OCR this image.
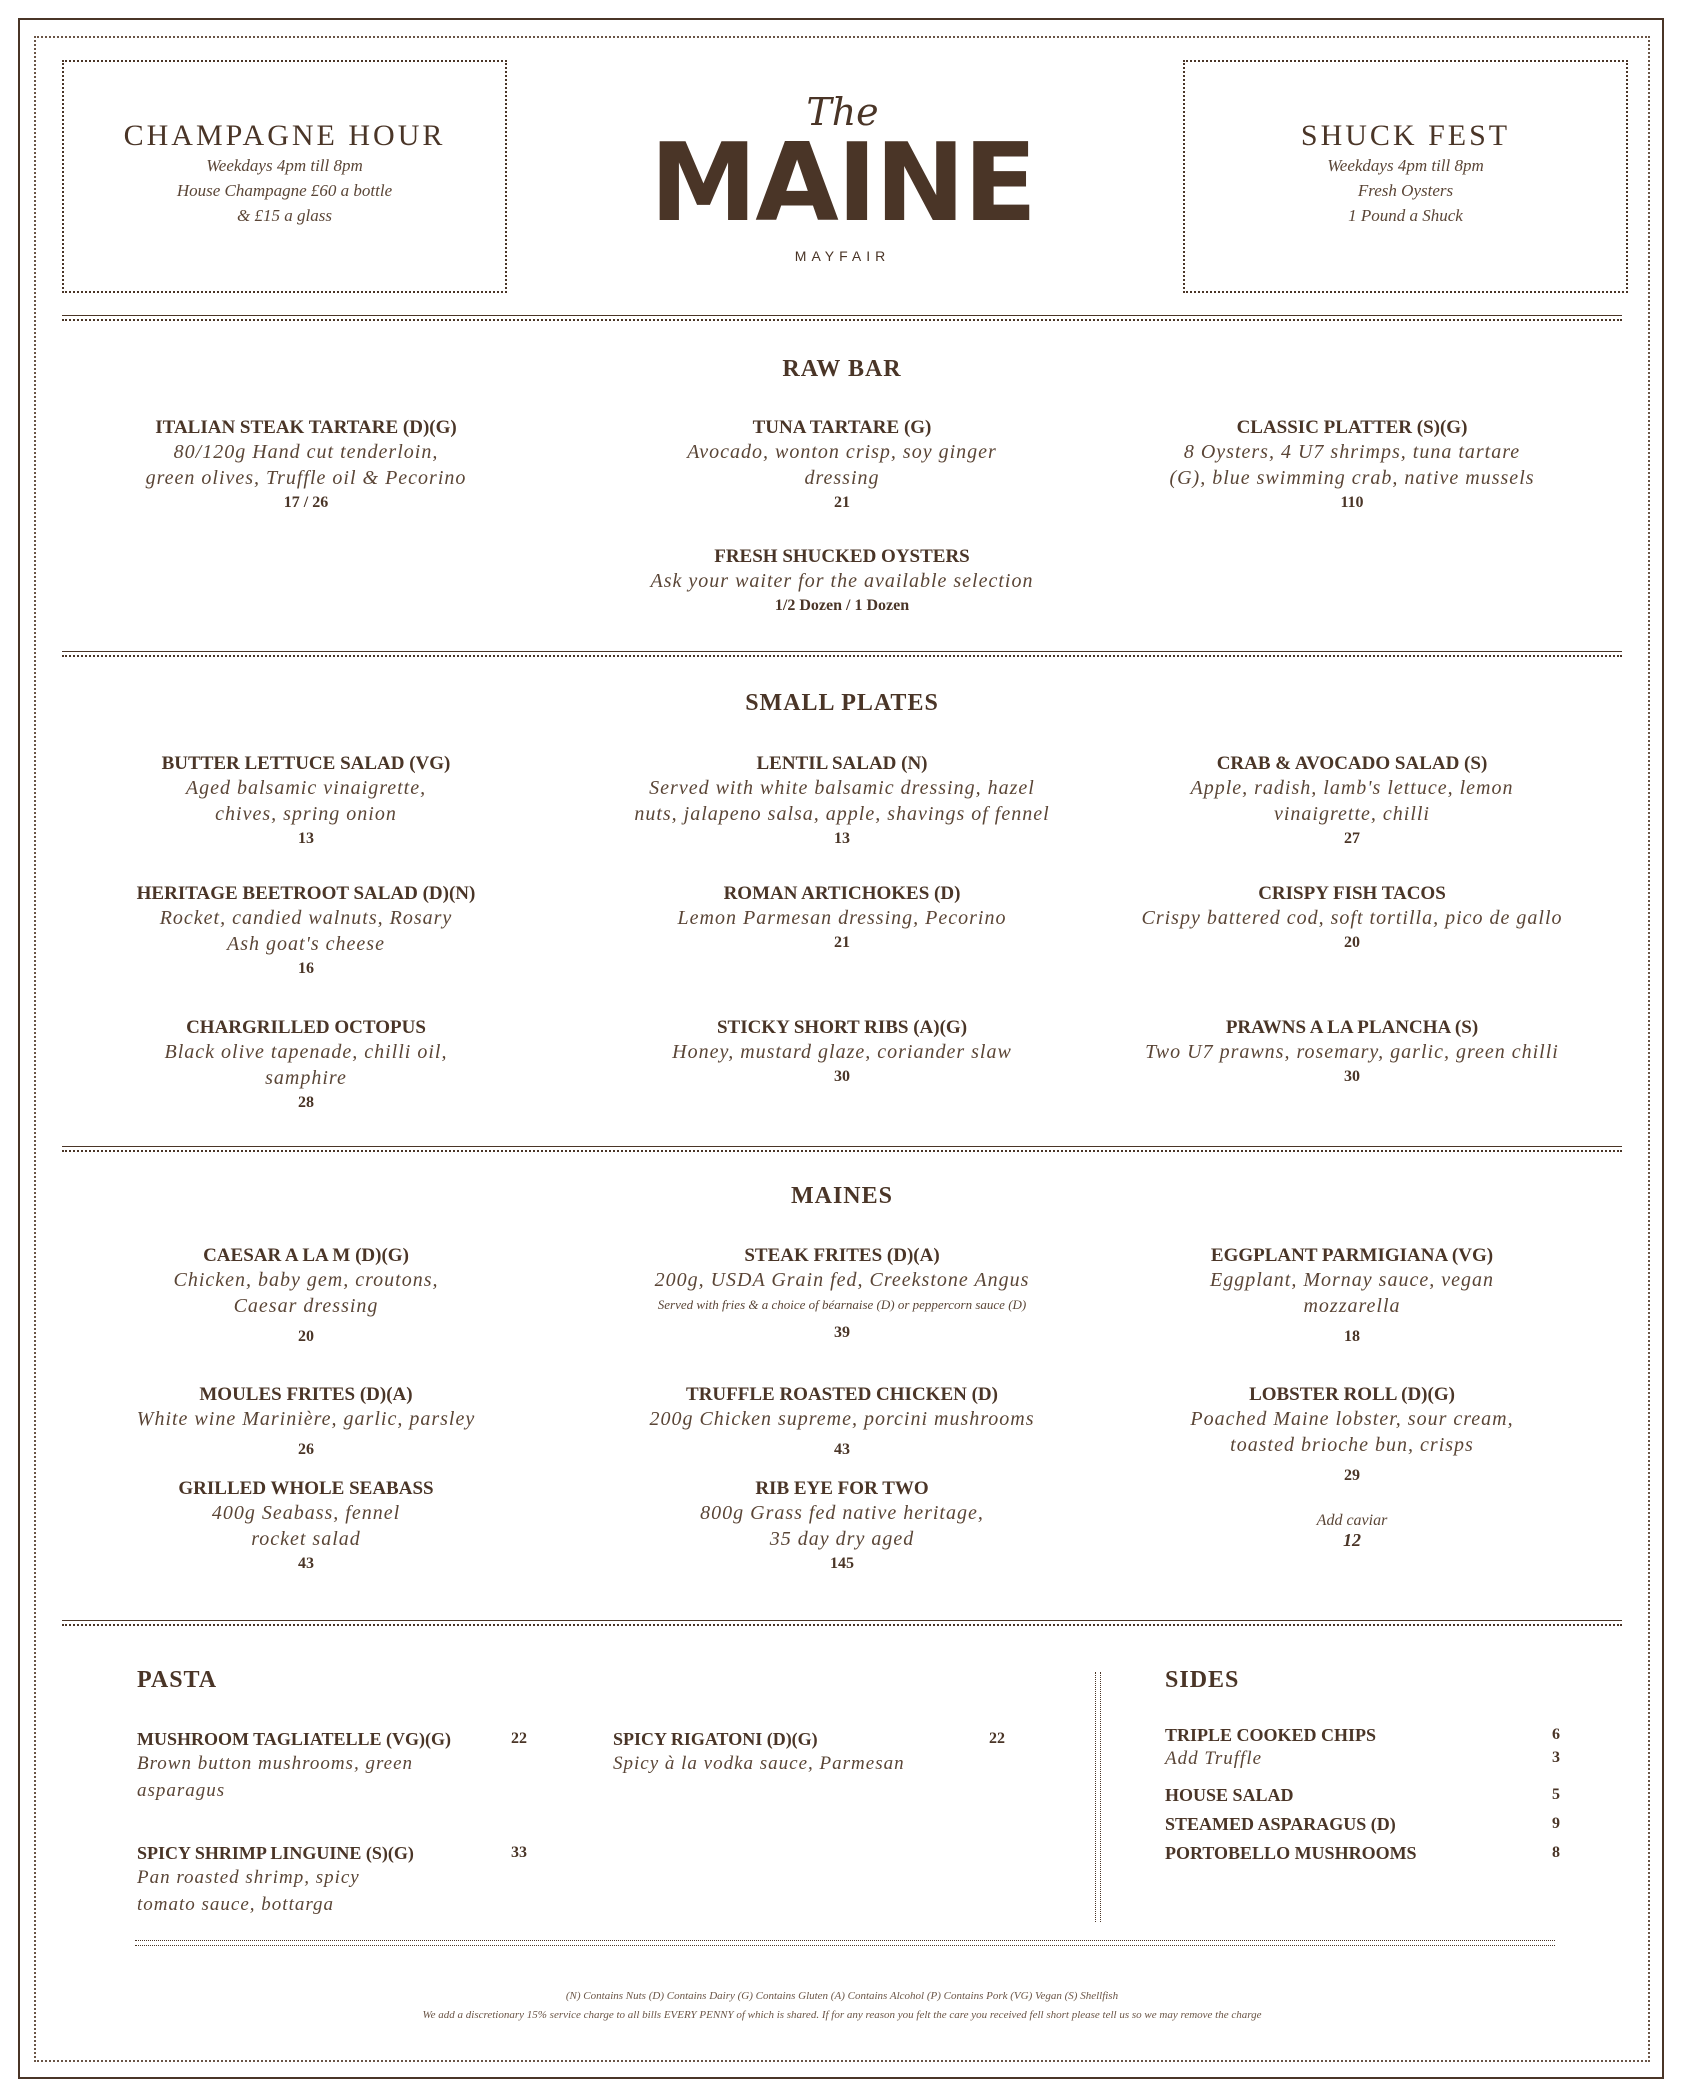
CHAMPAGNE HOUR
Weekdays 4pm till 8pm
House Champagne £60 a bottle
& £15 a glass
SHUCK FEST
Weekdays 4pm till 8pm
Fresh Oysters
1 Pound a Shuck
The
MAINE
MAYFAIR
RAW BAR
ITALIAN STEAK TARTARE (D)(G)
80/120g Hand cut tenderloin,
green olives, Truffle oil & Pecorino
17 / 26
TUNA TARTARE (G)
Avocado, wonton crisp, soy ginger
dressing
21
CLASSIC PLATTER (S)(G)
8 Oysters, 4 U7 shrimps, tuna tartare
(G), blue swimming crab, native mussels
110
FRESH SHUCKED OYSTERS
Ask your waiter for the available selection
1/2 Dozen / 1 Dozen
SMALL PLATES
BUTTER LETTUCE SALAD (VG)
Aged balsamic vinaigrette,
chives, spring onion
13
LENTIL SALAD (N)
Served with white balsamic dressing, hazel
nuts, jalapeno salsa, apple, shavings of fennel
13
CRAB & AVOCADO SALAD (S)
Apple, radish, lamb's lettuce, lemon
vinaigrette, chilli
27
HERITAGE BEETROOT SALAD (D)(N)
Rocket, candied walnuts, Rosary
Ash goat's cheese
16
ROMAN ARTICHOKES (D)
Lemon Parmesan dressing, Pecorino
21
CRISPY FISH TACOS
Crispy battered cod, soft tortilla, pico de gallo
20
CHARGRILLED OCTOPUS
Black olive tapenade, chilli oil,
samphire
28
STICKY SHORT RIBS (A)(G)
Honey, mustard glaze, coriander slaw
30
PRAWNS A LA PLANCHA (S)
Two U7 prawns, rosemary, garlic, green chilli
30
MAINES
CAESAR A LA M (D)(G)
Chicken, baby gem, croutons,
Caesar dressing
20
STEAK FRITES (D)(A)
200g, USDA Grain fed, Creekstone Angus
Served with fries & a choice of béarnaise (D) or peppercorn sauce (D)
39
EGGPLANT PARMIGIANA (VG)
Eggplant, Mornay sauce, vegan
mozzarella
18
MOULES FRITES (D)(A)
White wine Marinière, garlic, parsley
26
TRUFFLE ROASTED CHICKEN (D)
200g Chicken supreme, porcini mushrooms
43
LOBSTER ROLL (D)(G)
Poached Maine lobster, sour cream,
toasted brioche bun, crisps
29
GRILLED WHOLE SEABASS
400g Seabass, fennel
rocket salad
43
RIB EYE FOR TWO
800g Grass fed native heritage,
35 day dry aged
145
Add caviar
12
PASTA
MUSHROOM TAGLIATELLE (VG)(G)	22
Brown button mushrooms, green
asparagus
SPICY RIGATONI (D)(G)	22
Spicy à la vodka sauce, Parmesan
SPICY SHRIMP LINGUINE (S)(G)	33
Pan roasted shrimp, spicy
tomato sauce, bottarga
SIDES
TRIPLE COOKED CHIPS	6
Add Truffle	3
HOUSE SALAD	5
STEAMED ASPARAGUS (D)	9
PORTOBELLO MUSHROOMS	8
(N) Contains Nuts (D) Contains Dairy (G) Contains Gluten (A) Contains Alcohol (P) Contains Pork (VG) Vegan (S) Shellfish
We add a discretionary 15% service charge to all bills EVERY PENNY of which is shared. If for any reason you felt the care you received fell short please tell us so we may remove the charge
